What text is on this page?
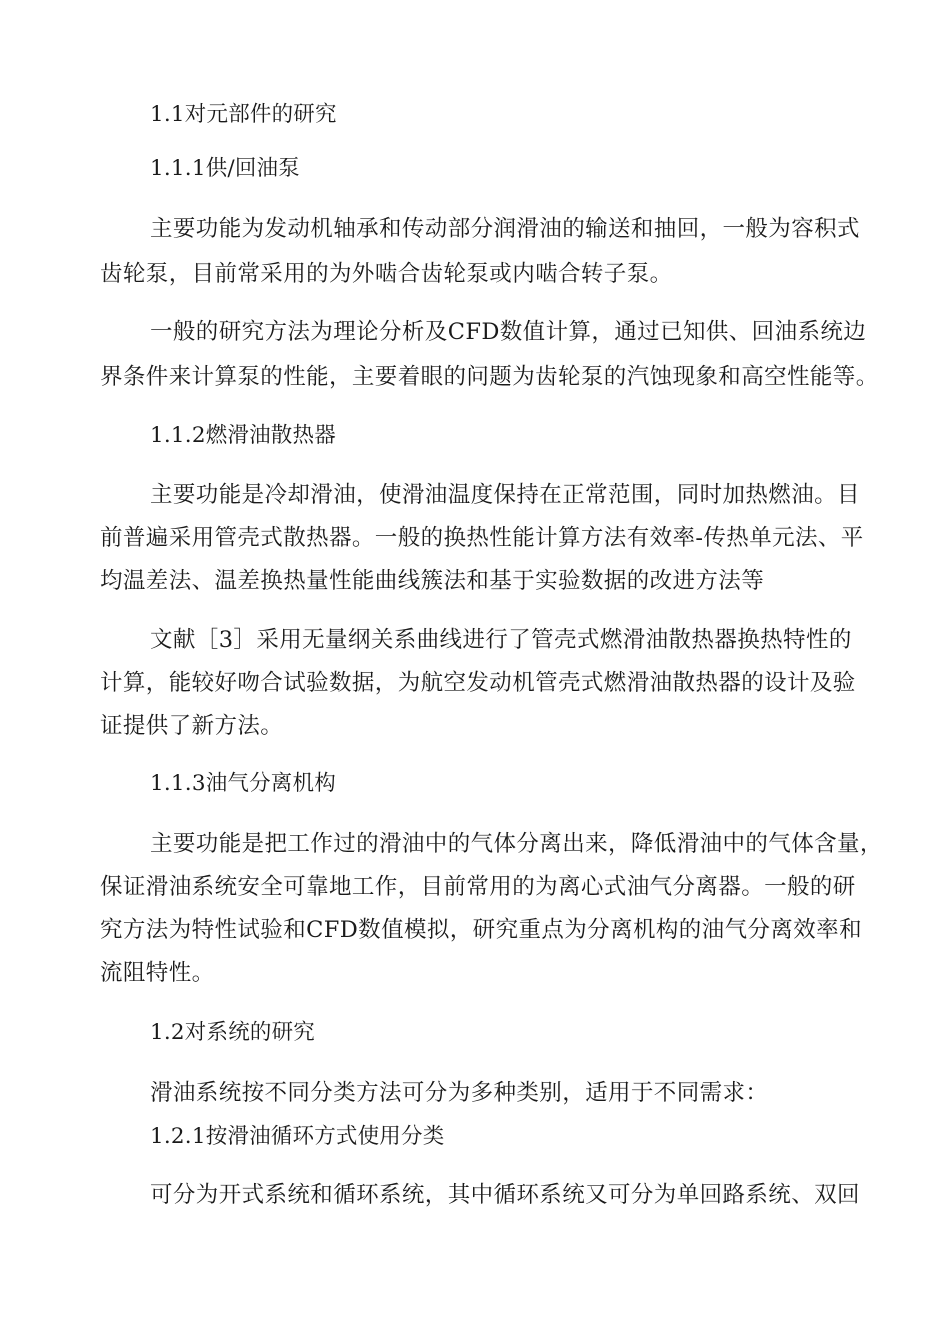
1.1对元部件的研究

1.1.1供/回油泵

主要功能为发动机轴承和传动部分润滑油的输送和抽回，一般为容积式

齿轮泵，目前常采用的为外啮合齿轮泵或内啮合转子泵。

一般的研究方法为理论分析及CFD数值计算，通过已知供、回油系统边

界条件来计算泵的性能，主要着眼的问题为齿轮泵的汽蚀现象和高空性能等。

1.1.2燃滑油散热器

主要功能是冷却滑油，使滑油温度保持在正常范围，同时加热燃油。目

前普遍采用管壳式散热器。一般的换热性能计算方法有效率-传热单元法、平

均温差法、温差换热量性能曲线簇法和基于实验数据的改进方法等

文献［3］采用无量纲关系曲线进行了管壳式燃滑油散热器换热特性的

计算，能较好吻合试验数据，为航空发动机管壳式燃滑油散热器的设计及验

证提供了新方法。

1.1.3油气分离机构

主要功能是把工作过的滑油中的气体分离出来，降低滑油中的气体含量，

保证滑油系统安全可靠地工作，目前常用的为离心式油气分离器。一般的研

究方法为特性试验和CFD数值模拟，研究重点为分离机构的油气分离效率和

流阻特性。

1.2对系统的研究

滑油系统按不同分类方法可分为多种类别，适用于不同需求：

1.2.1按滑油循环方式使用分类

可分为开式系统和循环系统，其中循环系统又可分为单回路系统、双回
